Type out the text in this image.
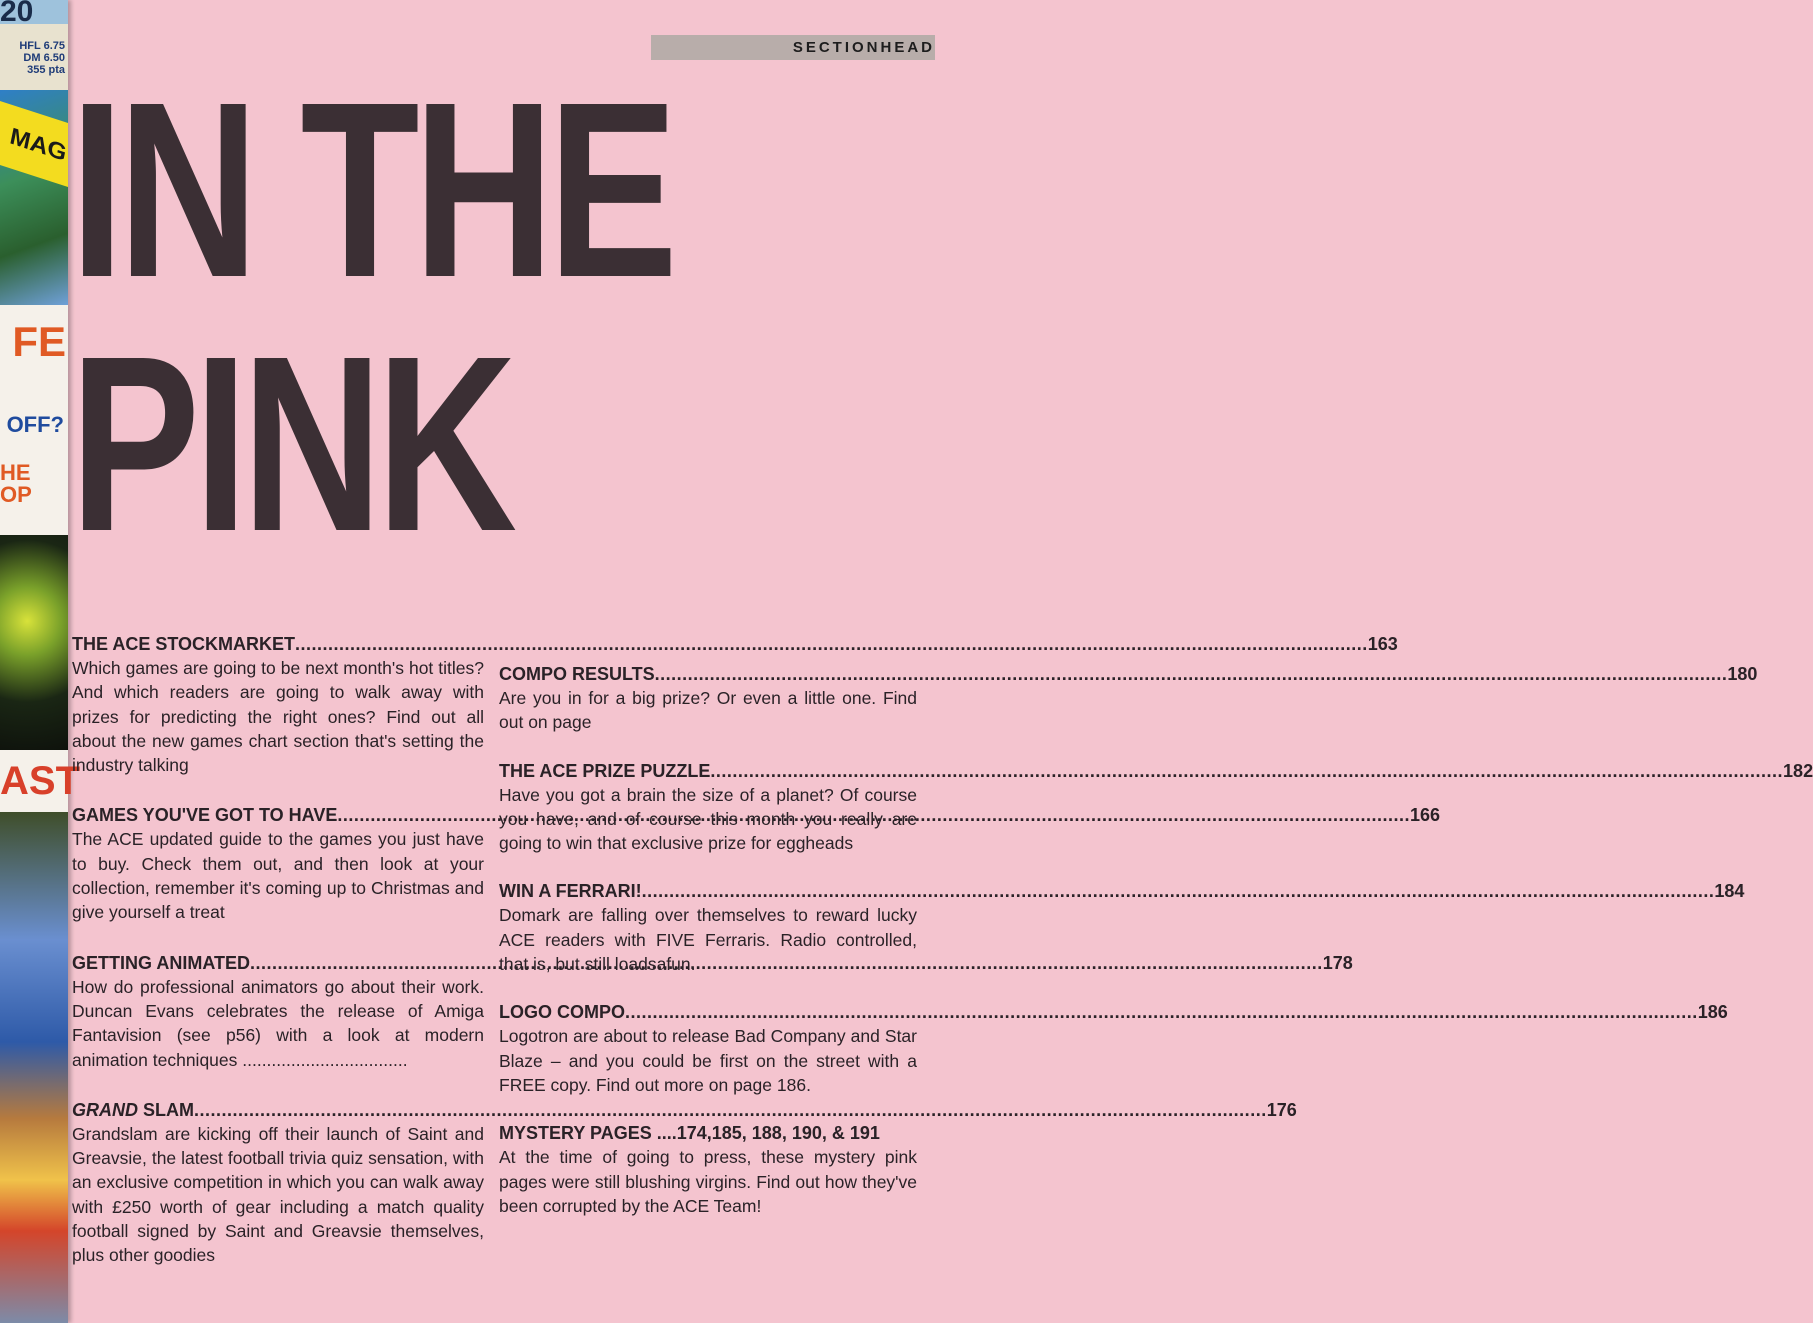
20
HFL 6.75
DM 6.50
355 pta
MAG
FE
OFF?
HE
OP
AST
SECTIONHEAD
IN THE
PINK
THE ACE STOCKMARKET .....	163

Which games are going to be next month's hot titles? And which readers are going to walk away with prizes for predicting the right ones? Find out all about the new games chart section that's setting the industry talking

GAMES YOU'VE GOT TO HAVE .....	166

The ACE updated guide to the games you just have to buy. Check them out, and then look at your collection, remember it's coming up to Christmas and give yourself a treat

GETTING ANIMATED .....	178

How do professional animators go about their work. Duncan Evans celebrates the release of Amiga Fantavision (see p56) with a look at modern animation techniques ..................................

GRAND SLAM .....	176

Grandslam are kicking off their launch of Saint and Greavsie, the latest football trivia quiz sensation, with an exclusive competition in which you can walk away with £250 worth of gear including a match quality football signed by Saint and Greavsie themselves, plus other goodies

COMPO RESULTS .....	180

Are you in for a big prize? Or even a little one. Find out on page

THE ACE PRIZE PUZZLE .....	182

Have you got a brain the size of a planet? Of course you have, and of course this month you really are going to win that exclusive prize for eggheads

WIN A FERRARI! .....	184

Domark are falling over themselves to reward lucky ACE readers with FIVE Ferraris. Radio controlled, that is, but still loadsafun.

LOGO COMPO .....	186

Logotron are about to release Bad Company and Star Blaze – and you could be first on the street with a FREE copy. Find out more on page 186.

MYSTERY PAGES
....174,185, 188, 190, & 191

At the time of going to press, these mystery pink pages were still blushing virgins. Find out how they've been corrupted by the ACE Team!
